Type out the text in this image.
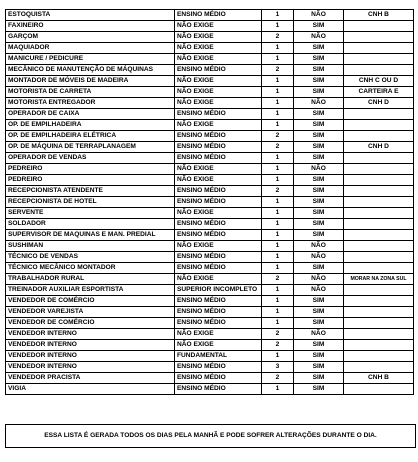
ESTOQUISTA	ENSINO MÉDIO	1	NÃO	CNH B
FAXINEIRO	NÃO EXIGE	1	SIM	
GARÇOM	NÃO EXIGE	2	NÃO	
MAQUIADOR	NÃO EXIGE	1	SIM	
MANICURE / PEDICURE	NÃO EXIGE	1	SIM	
MECÂNICO DE MANUTENÇÃO DE MÁQUINAS	ENSINO MÉDIO	2	SIM	
MONTADOR DE MÓVEIS DE MADEIRA	NÃO EXIGE	1	SIM	CNH C OU D
MOTORISTA DE CARRETA	NÃO EXIGE	1	SIM	CARTEIRA E
MOTORISTA ENTREGADOR	NÃO EXIGE	1	NÃO	CNH D
OPERADOR DE CAIXA	ENSINO MÉDIO	1	SIM	
OP. DE EMPILHADEIRA	NÃO EXIGE	1	SIM	
OP. DE EMPILHADEIRA ELÉTRICA	ENSINO MÉDIO	2	SIM	
OP. DE MÁQUINA DE TERRAPLANAGEM	ENSINO MÉDIO	2	SIM	CNH D
OPERADOR DE VENDAS	ENSINO MÉDIO	1	SIM	
PEDREIRO	NÃO EXIGE	1	NÃO	
PEDREIRO	NÃO EXIGE	1	SIM	
RECEPCIONISTA ATENDENTE	ENSINO MÉDIO	2	SIM	
RECEPCIONISTA DE HOTEL	ENSINO MÉDIO	1	SIM	
SERVENTE	NÃO EXIGE	1	SIM	
SOLDADOR	ENSINO MÉDIO	1	SIM	
SUPERVISOR DE MAQUINAS E MAN. PREDIAL	ENSINO MÉDIO	1	SIM	
SUSHIMAN	NÃO EXIGE	1	NÃO	
TÉCNICO DE VENDAS	ENSINO MÉDIO	1	NÃO	
TÉCNICO MECÂNICO MONTADOR	ENSINO MÉDIO	1	SIM	
TRABALHADOR RURAL	NÃO EXIGE	2	NÃO	MORAR NA ZONA SUL
TREINADOR AUXILIAR ESPORTISTA	SUPERIOR INCOMPLETO	1	NÃO	
VENDEDOR DE COMÉRCIO	ENSINO MÉDIO	1	SIM	
VENDEDOR VAREJISTA	ENSINO MÉDIO	1	SIM	
VENDEDOR DE COMÉRCIO	ENSINO MÉDIO	1	SIM	
VENDEDOR INTERNO	NÃO EXIGE	2	NÃO	
VENDEDOR INTERNO	NÃO EXIGE	2	SIM	
VENDEDOR INTERNO	FUNDAMENTAL	1	SIM	
VENDEDOR INTERNO	ENSINO MÉDIO	3	SIM	
VENDEDOR PRACISTA	ENSINO MÉDIO	2	SIM	CNH B
VIGIA	ENSINO MÉDIO	1	SIM	
ESSA LISTA É GERADA TODOS OS DIAS PELA MANHÃ E PODE SOFRER ALTERAÇÕES DURANTE O DIA.
